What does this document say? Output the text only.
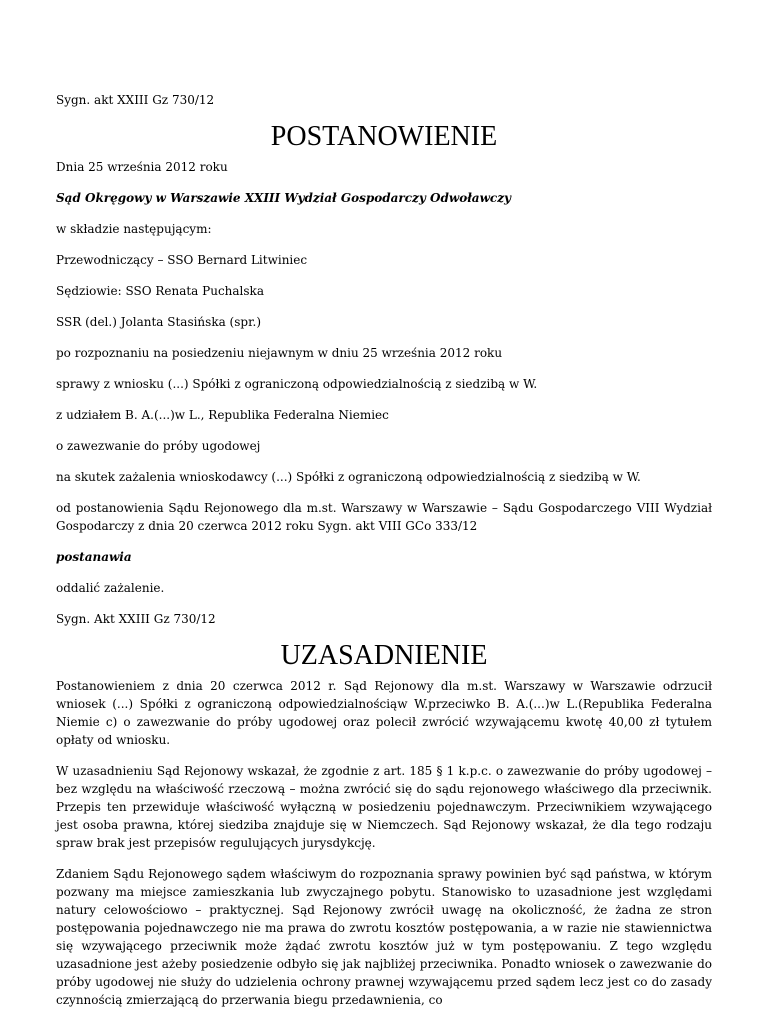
Sygn. akt XXIII Gz 730/12

POSTANOWIENIE

Dnia 25 września 2012 roku

Sąd Okręgowy w Warszawie XXIII Wydział Gospodarczy Odwoławczy

w składzie następującym:

Przewodniczący – SSO Bernard Litwiniec

Sędziowie: SSO Renata Puchalska

SSR (del.) Jolanta Stasińska (spr.)

po rozpoznaniu na posiedzeniu niejawnym w dniu 25 września 2012 roku

sprawy z wniosku (...) Spółki z ograniczoną odpowiedzialnością z siedzibą w W.

z udziałem B. A.(...)w L., Republika Federalna Niemiec

o zawezwanie do próby ugodowej

na skutek zażalenia wnioskodawcy (...) Spółki z ograniczoną odpowiedzialnością z siedzibą w W.

od postanowienia Sądu Rejonowego dla m.st. Warszawy w Warszawie – Sądu Gospodarczego VIII Wydział Gospodarczy z dnia 20 czerwca 2012 roku Sygn. akt VIII GCo 333/12

postanawia

oddalić zażalenie.

Sygn. Akt XXIII Gz 730/12

UZASADNIENIE

Postanowieniem z dnia 20 czerwca 2012 r. Sąd Rejonowy dla m.st. Warszawy w Warszawie odrzucił wniosek (...) Spółki z ograniczoną odpowiedzialnościąw W.przeciwko B. A.(...)w L.(Republika Federalna Niemie c) o zawezwanie do próby ugodowej oraz polecił zwrócić wzywającemu kwotę 40,00 zł tytułem opłaty od wniosku.

W uzasadnieniu Sąd Rejonowy wskazał, że zgodnie z art. 185 § 1 k.p.c. o zawezwanie do próby ugodowej – bez względu na właściwość rzeczową – można zwrócić się do sądu rejonowego właściwego dla przeciwnik. Przepis ten przewiduje właściwość wyłączną w posiedzeniu pojednawczym. Przeciwnikiem wzywającego jest osoba prawna, której siedziba znajduje się w Niemczech. Sąd Rejonowy wskazał, że dla tego rodzaju spraw brak jest przepisów regulujących jurysdykcję.

Zdaniem Sądu Rejonowego sądem właściwym do rozpoznania sprawy powinien być sąd państwa, w którym pozwany ma miejsce zamieszkania lub zwyczajnego pobytu. Stanowisko to uzasadnione jest względami natury celowościowo – praktycznej. Sąd Rejonowy zwrócił uwagę na okoliczność, że żadna ze stron postępowania pojednawczego nie ma prawa do zwrotu kosztów postępowania, a w razie nie stawiennictwa się wzywającego przeciwnik może żądać zwrotu kosztów już w tym postępowaniu. Z tego względu uzasadnione jest ażeby posiedzenie odbyło się jak najbliżej przeciwnika. Ponadto wniosek o zawezwanie do próby ugodowej nie służy do udzielenia ochrony prawnej wzywającemu przed sądem lecz jest co do zasady czynnością zmierzającą do przerwania biegu przedawnienia, co
